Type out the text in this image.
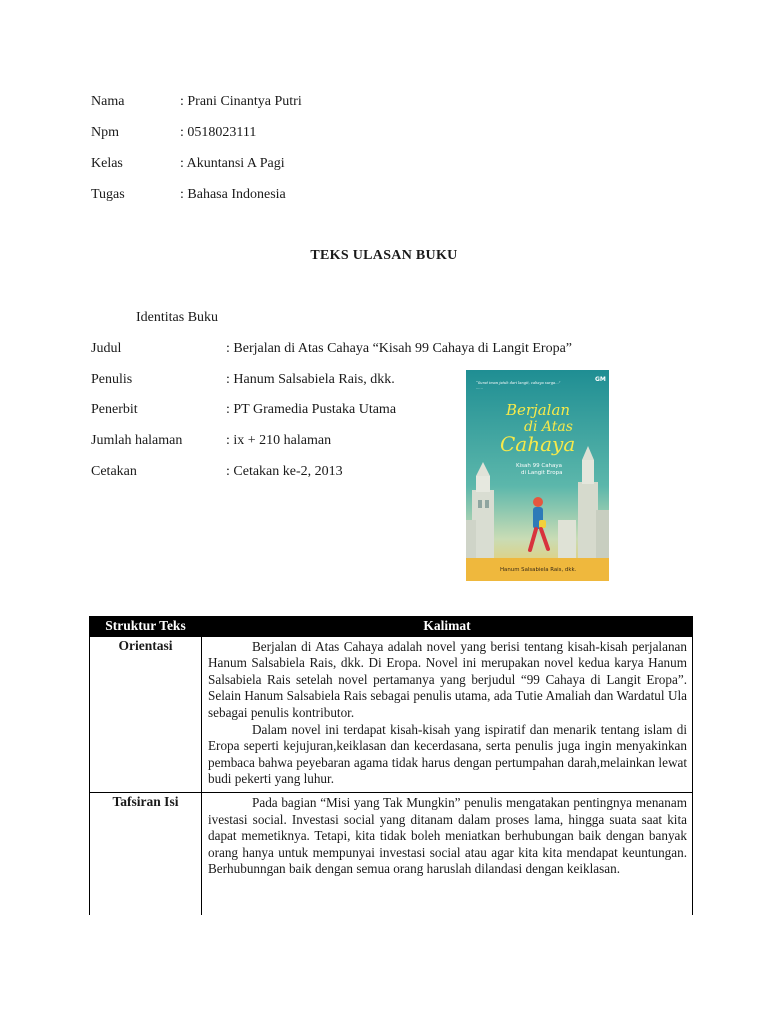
Nama	: Prani Cinantya Putri
Npm	: 0518023111
Kelas	: Akuntansi A Pagi
Tugas	: Bahasa Indonesia
TEKS ULASAN BUKU
Identitas Buku
Judul	: Berjalan di Atas Cahaya “Kisah 99 Cahaya di Langit Eropa”
Penulis	: Hanum Salsabiela Rais, dkk.
Penerbit	: PT Gramedia Pustaka Utama
Jumlah halaman	: ix + 210 halaman
Cetakan	: Cetakan ke-2, 2013
“Surat iman jatuh dari langit, cahaya surga...”
......
GM
Berjalan
di Atas
Cahaya
Kisah 99 Cahaya
di Langit Eropa
Hanum Salsabiela Rais, dkk.
Struktur Teks	Kalimat
Orientasi	Berjalan di Atas Cahaya adalah novel yang berisi tentang kisah-kisah perjalanan Hanum Salsabiela Rais, dkk. Di Eropa. Novel ini merupakan novel kedua karya Hanum Salsabiela Rais setelah novel pertamanya yang berjudul “99 Cahaya di Langit Eropa”. Selain Hanum Salsabiela Rais sebagai penulis utama, ada Tutie Amaliah dan Wardatul Ula sebagai penulis kontributor.

Dalam novel ini terdapat kisah-kisah yang ispiratif dan menarik tentang islam di Eropa seperti kejujuran,keiklasan dan kecerdasana, serta penulis juga ingin menyakinkan pembaca bahwa peyebaran agama tidak harus dengan pertumpahan darah,melainkan lewat budi pekerti yang luhur.

Tafsiran Isi	Pada bagian “Misi yang Tak Mungkin” penulis mengatakan pentingnya menanam ivestasi social. Investasi social yang ditanam dalam proses lama, hingga suata saat kita dapat memetiknya. Tetapi, kita tidak boleh meniatkan berhubungan baik dengan banyak orang hanya untuk mempunyai investasi social atau agar kita kita mendapat keuntungan. Berhubunngan baik dengan semua orang haruslah dilandasi dengan keiklasan.
